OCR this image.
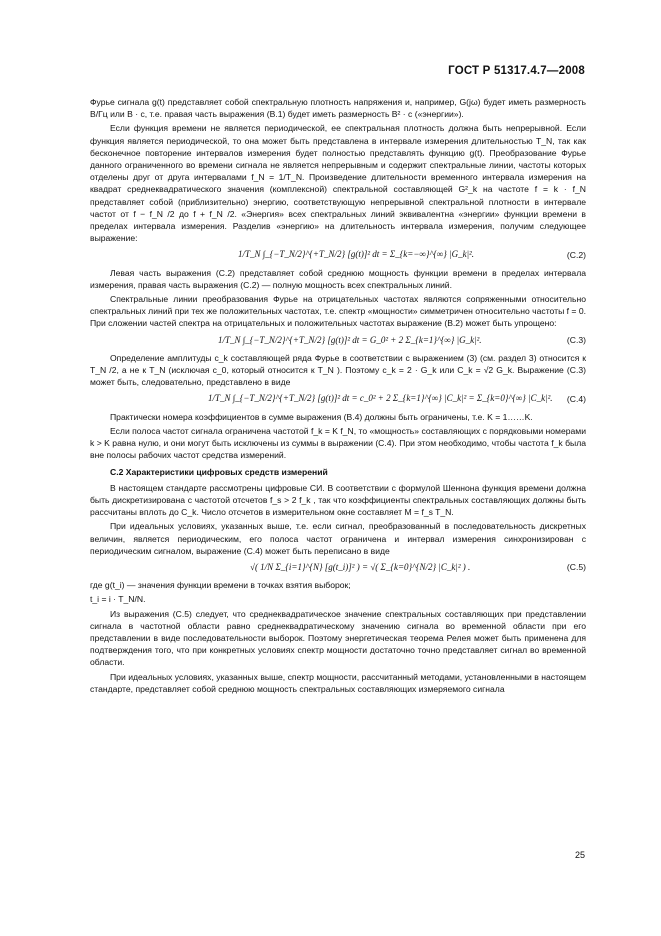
ГОСТ Р 51317.4.7—2008

Фурье сигнала g(t) представляет собой спектральную плотность напряжения и, например, G(jω) будет иметь размерность В/Гц или В · с, т.е. правая часть выражения (В.1) будет иметь размерность В² · с («энергии»).

Если функция времени не является периодической, ее спектральная плотность должна быть непрерывной. Если функция является периодической, то она может быть представлена в интервале измерения длительностью T_N, так как бесконечное повторение интервалов измерения будет полностью представлять функцию g(t). Преобразование Фурье данного ограниченного во времени сигнала не является непрерывным и содержит спектральные линии, частоты которых отделены друг от друга интервалами f_N = 1/T_N. Произведение длительности временного интервала измерения на квадрат среднеквадратического значения (комплексной) спектральной составляющей G²_k на частоте f = k · f_N представляет собой (приблизительно) энергию, соответствующую непрерывной спектральной плотности в интервале частот от f − f_N /2 до f + f_N /2. «Энергия» всех спектральных линий эквивалентна «энергии» функции времени в пределах интервала измерения. Разделив «энергию» на длительность интервала измерения, получим следующее выражение:

1/T_N ∫_{−T_N/2}^{+T_N/2} [g(t)]² dt = Σ_{k=−∞}^{∞} |G_k|².	(С.2)

Левая часть выражения (С.2) представляет собой среднюю мощность функции времени в пределах интервала измерения, правая часть выражения (С.2) — полную мощность всех спектральных линий.

Спектральные линии преобразования Фурье на отрицательных частотах являются сопряженными относительно спектральных линий при тех же положительных частотах, т.е. спектр «мощности» симметричен относительно частоты f = 0. При сложении частей спектра на отрицательных и положительных частотах выражение (В.2) может быть упрощено:

1/T_N ∫_{−T_N/2}^{+T_N/2} [g(t)]² dt = G_0² + 2 Σ_{k=1}^{∞} |G_k|².	(С.3)

Определение амплитуды c_k составляющей ряда Фурье в соответствии с выражением (3) (см. раздел 3) относится к T_N /2, а не к T_N (исключая c_0, который относится к T_N ). Поэтому c_k = 2 · G_k или C_k = √2 G_k. Выражение (С.3) может быть, следовательно, представлено в виде

1/T_N ∫_{−T_N/2}^{+T_N/2} [g(t)]² dt = c_0² + 2 Σ_{k=1}^{∞} |C_k|² = Σ_{k=0}^{∞} |C_k|². (С.4)

Практически номера коэффициентов в сумме выражения (В.4) должны быть ограничены, т.е. K = 1……K.

Если полоса частот сигнала ограничена частотой f_k = K f_N, то «мощность» составляющих с порядковыми номерами k > K равна нулю, и они могут быть исключены из суммы в выражении (С.4). При этом необходимо, чтобы частота f_k была вне полосы рабочих частот средства измерений.

С.2 Характеристики цифровых средств измерений

В настоящем стандарте рассмотрены цифровые СИ. В соответствии с формулой Шеннона функция времени должна быть дискретизирована с частотой отсчетов f_s > 2 f_k , так что коэффициенты спектральных составляющих должны быть рассчитаны вплоть до C_k. Число отсчетов в измерительном окне составляет M = f_s T_N.

При идеальных условиях, указанных выше, т.е. если сигнал, преобразованный в последовательность дискретных величин, является периодическим, его полоса частот ограничена и интервал измерения синхронизирован с периодическим сигналом, выражение (С.4) может быть переписано в виде

√( 1/N Σ_{i=1}^{N} [g(t_i)]² ) = √( Σ_{k=0}^{N/2} |C_k|² ) .	(С.5)

где g(t_i) — значения функции времени в точках взятия выборок;

t_i = i · T_N/N.

Из выражения (С.5) следует, что среднеквадратическое значение спектральных составляющих при представлении сигнала в частотной области равно среднеквадратическому значению сигнала во временной области при его представлении в виде последовательности выборок. Поэтому энергетическая теорема Релея может быть применена для подтверждения того, что при конкретных условиях спектр мощности достаточно точно представляет сигнал во временной области.

При идеальных условиях, указанных выше, спектр мощности, рассчитанный методами, установленными в настоящем стандарте, представляет собой среднюю мощность спектральных составляющих измеряемого сигнала

25
